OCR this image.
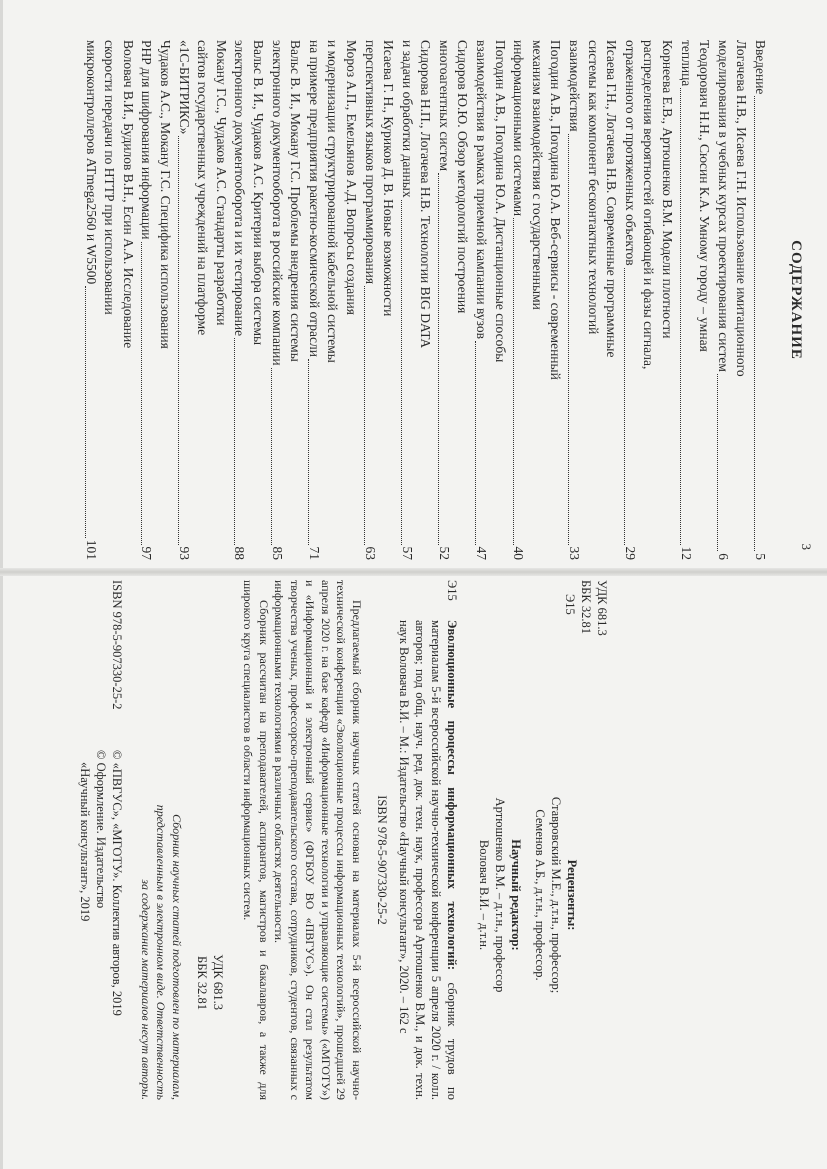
3
СОДЕРЖАНИЕ
Введение
5
Логачева Н.В., Исаева Г.Н. Использование имитационного
моделирования в учебных курсах проектирования систем
6
Теодорович Н.Н., Сюсин К.А. Умному городу – умная
теплица
12
Корнеева Е.В., Артюшенко В.М. Модели плотности
распределения вероятностей огибающей и фазы сигнала,
отраженного от протяженных объектов
29
Исаева Г.Н., Логачева Н.В. Современные программные
системы как компонент бесконтактных технологий
взаимодействия
33
Погодин А.В., Погодина Ю.А. Веб-сервисы - современный
механизм взаимодействия с государственными
информационными системами
40
Погодин А.В., Погодина Ю.А. Дистанционные способы
взаимодействия в рамках приемной кампании вузов
47
Сидоров Ю.Ю. Обзор методологий построения
многоагентных систем
52
Сидорова Н.П., Логачева Н.В. Технологии BIG DATA
и задачи обработки данных
57
Исаева Г. Н., Куриков Д. В. Новые возможности
перспективных языков программирования
63
Мороз А.П., Емельянов А.Д. Вопросы создания
и модернизации структурированной кабельной системы
на примере предприятия ракетно-космической отрасли
71
Вальс В. И., Мокану Г.С. Проблемы внедрения системы
электронного документооборота в российские компании
85
Вальс В. И., Чудаков А.С. Критерии выбора системы
электронного документооборота и их тестирование
88
Мокану Г.С., Чудаков А.С. Стандарты разработки
сайтов государственных учреждений на платформе
«1С-БИТРИКС»
93
Чудаков А.С., Мокану Г.С. Специфика использования
PHP для шифрования информации
97
Воловач В.И., Будилов В.Н., Есин А.А. Исследование
скорости передачи по HTTP при использовании
микроконтроллеров ATmega2560 и W5500
101
УДК 681.3
ББК 32.81
Э15
Рецензенты:
Ставровский М.Е., д.т.н., профессор;
Семенов А.Б., д.т.н., профессор.
Научный редактор:
Артюшенко В.М. – д.т.н., профессор
Воловач В.И. – д.т.н.
Э15
Эволюционные процессы информационных технологий: сборник трудов по материалам 5-й всероссийской научно-технической конференции 5 апреля 2020 г. / колл. авторов; под общ. науч. ред. док. техн. наук, профессора Артюшенко В.М., и док. техн. наук Воловача В.И. – М.: Издательство «Научный консультант», 2020. – 162 с
ISBN 978-5-907330-25-2
Предлагаемый сборник научных статей основан на материалах 5-й всероссийской научно-технической конференции «Эволюционные процессы информационных технологий», прошедшей 29 апреля 2020 г. на базе кафедр «Информационные технологии и управляющие системы» («МГОТУ») и «Информационный и электронный сервис» (ФГБОУ ВО «ПВГУС»). Он стал результатом творчества ученых, профессорско-преподавательского состава, сотрудников, студентов, связанных с информационными технологиями в различных областях деятельности.
Сборник рассчитан на преподавателей, аспирантов, магистров и бакалавров, а также для широкого круга специалистов в области информационных систем.
УДК 681.3
ББК 32.81
Сборник научных статей подготовлен по материалам, представленным в электронном виде. Ответственность за содержание материалов несут авторы.
ISBN 978-5-907330-25-2
© «ПВГУС», «МГОТУ». Коллектив авторов, 2019
© Оформление. Издательство
«Научный консультант», 2019
